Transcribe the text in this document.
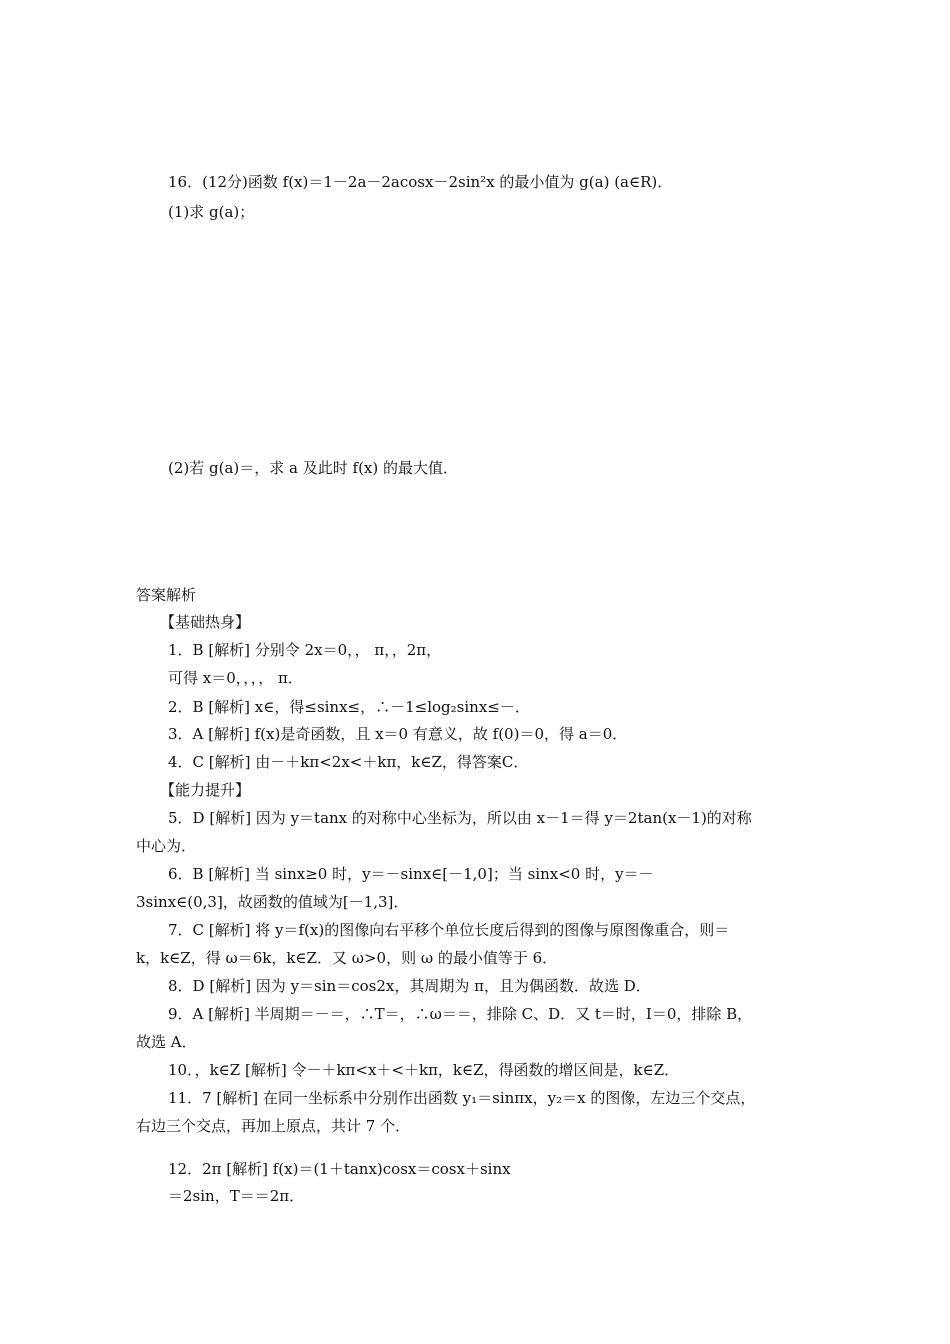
16．(12分)函数 f(x)＝1－2a－2acosx－2sin²x 的最小值为 g(a) (a∈R)．
(1)求 g(a)；
(2)若 g(a)＝，求 a 及此时 f(x) 的最大值．
答案解析
【基础热身】
1．B [解析] 分别令 2x＝0，， π，，2π，
可得 x＝0，，，， π．
2．B [解析] x∈，得≤sinx≤，∴－1≤log₂sinx≤－．
3．A [解析] f(x)是奇函数，且 x＝0 有意义，故 f(0)＝0，得 a＝0．
4．C [解析] 由－＋kπ<2x<＋kπ，k∈Z，得答案C．
【能力提升】
5．D [解析] 因为 y＝tanx 的对称中心坐标为，所以由 x－1＝得 y＝2tan(x－1)的对称
中心为．
6．B [解析] 当 sinx≥0 时，y＝－sinx∈[－1,0]；当 sinx<0 时，y＝－
3sinx∈(0,3]，故函数的值域为[－1,3]．
7．C [解析] 将 y＝f(x)的图像向右平移个单位长度后得到的图像与原图像重合，则＝
k，k∈Z，得 ω＝6k，k∈Z．又 ω>0，则 ω 的最小值等于 6．
8．D [解析] 因为 y＝sin＝cos2x，其周期为 π，且为偶函数．故选 D．
9．A [解析] 半周期＝－＝，∴T＝，∴ω＝＝，排除 C、D．又 t＝时，I＝0，排除 B，
故选 A．
10．，k∈Z [解析] 令－＋kπ<x＋<＋kπ，k∈Z，得函数的增区间是，k∈Z．
11．7 [解析] 在同一坐标系中分别作出函数 y₁＝sinπx，y₂＝x 的图像，左边三个交点，
右边三个交点，再加上原点，共计 7 个．
12．2π [解析] f(x)＝(1＋tanx)cosx＝cosx＋sinx
＝2sin，T＝＝2π．
